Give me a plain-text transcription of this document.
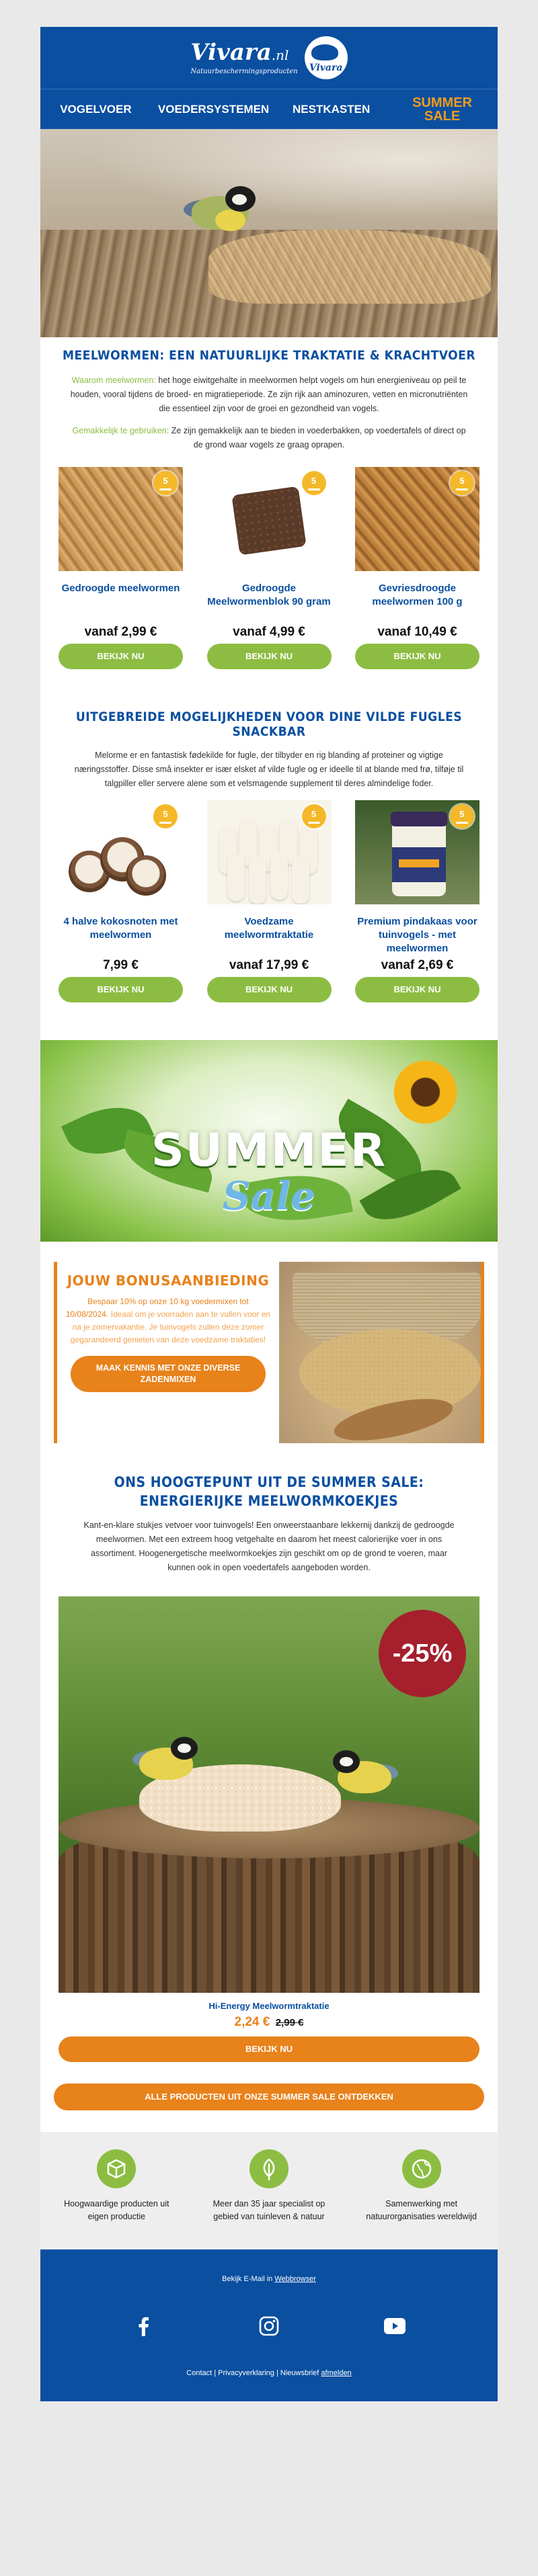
Vivara.nl
Natuurbeschermingsproducten Vivara
VOGELVOER	VOEDERSYSTEMEN	NESTKASTEN	SUMMER SALE
MEELWORMEN: EEN NATUURLIJKE TRAKTATIE & KRACHTVOER

Waarom meelwormen: het hoge eiwitgehalte in meelwormen helpt vogels om hun energieniveau op peil te houden, vooral tijdens de broed- en migratieperiode. Ze zijn rijk aan aminozuren, vetten en micronutriënten die essentieel zijn voor de groei en gezondheid van vogels.

Gemakkelijk te gebruiken: Ze zijn gemakkelijk aan te bieden in voederbakken, op voedertafels of direct op de grond waar vogels ze graag oprapen.

5
Gedroogde meelwormen
vanaf 2,99 €
BEKIJK NU
5
Gedroogde Meelwormenblok 90 gram
vanaf 4,99 €
BEKIJK NU
5
Gevriesdroogde meelwormen 100 g
vanaf 10,49 €
BEKIJK NU
UITGEBREIDE MOGELIJKHEDEN VOOR DINE VILDE FUGLES SNACKBAR

Melorme er en fantastisk fødekilde for fugle, der tilbyder en rig blanding af proteiner og vigtige næringsstoffer. Disse små insekter er især elsket af vilde fugle og er ideelle til at blande med frø, tilføje til talgpiller eller servere alene som et velsmagende supplement til deres almindelige foder.

5
4 halve kokosnoten met meelwormen
7,99 €
BEKIJK NU
5
Voedzame meelwormtraktatie
vanaf 17,99 €
BEKIJK NU
5
Premium pindakaas voor tuinvogels - met meelwormen
vanaf 2,69 €
BEKIJK NU
SUMMER
Sale
JOUW BONUSAANBIEDING

Bespaar 10% op onze 10 kg voedermixen tot 10/08/2024. Ideaal om je voorraden aan te vullen voor en na je zomervakantie. Je tuinvogels zullen deze zomer gegarandeerd genieten van deze voedzame traktaties!

MAAK KENNIS MET ONZE DIVERSE ZADENMIXEN
ONS HOOGTEPUNT UIT DE SUMMER SALE:
ENERGIERIJKE MEELWORMKOEKJES

Kant-en-klare stukjes vetvoer voor tuinvogels! Een onweerstaanbare lekkernij dankzij de gedroogde meelwormen. Met een extreem hoog vetgehalte en daarom het meest calorierijke voer in ons assortiment. Hoogenergetische meelwormkoekjes zijn geschikt om op de grond te voeren, maar kunnen ook in open voedertafels aangeboden worden.

-25%
Hi-Energy Meelwormtraktatie
2,24 € 2,99 €
BEKIJK NU
ALLE PRODUCTEN UIT ONZE SUMMER SALE ONTDEKKEN
Hoogwaardige producten uit eigen productie
Meer dan 35 jaar specialist op gebied van tuinleven & natuur
Samenwerking met natuurorganisaties wereldwijd
Bekijk E-Mail in Webbrowser
Contact | Privacyverklaring | Nieuwsbrief afmelden
